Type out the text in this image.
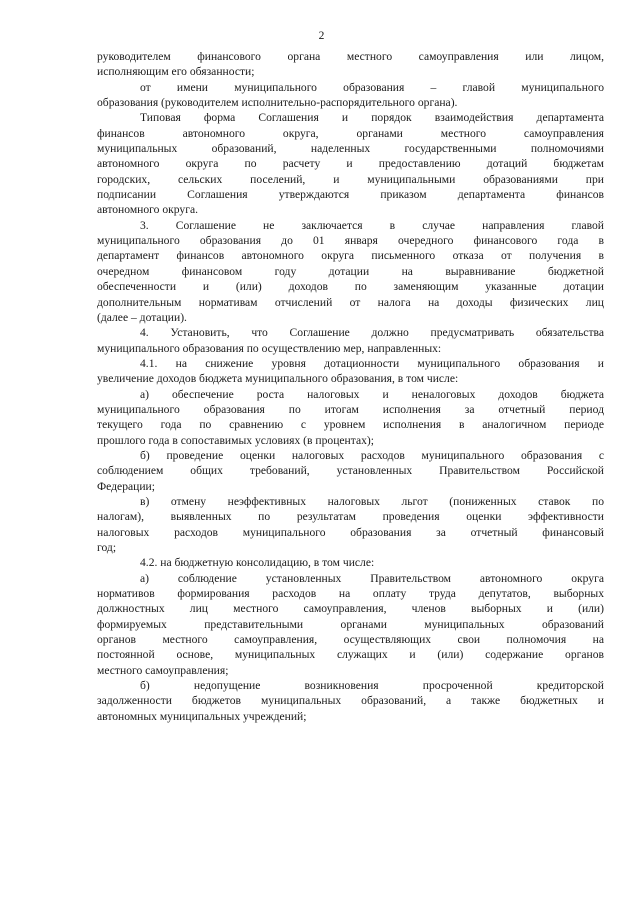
2
руководителем финансового органа местного самоуправления или лицом,
исполняющим его обязанности;
от имени муниципального образования – главой муниципального
образования (руководителем исполнительно-распорядительного органа).
Типовая форма Соглашения и порядок взаимодействия департамента
финансов автономного округа, органами местного самоуправления
муниципальных образований, наделенных государственными полномочиями
автономного округа по расчету и предоставлению дотаций бюджетам
городских, сельских поселений, и муниципальными образованиями при
подписании Соглашения утверждаются приказом департамента финансов
автономного округа.
3. Соглашение не заключается в случае направления главой
муниципального образования до 01 января очередного финансового года в
департамент финансов автономного округа письменного отказа от получения в
очередном финансовом году дотации на выравнивание бюджетной
обеспеченности и (или) доходов по заменяющим указанные дотации
дополнительным нормативам отчислений от налога на доходы физических лиц
(далее – дотации).
4. Установить, что Соглашение должно предусматривать обязательства
муниципального образования по осуществлению мер, направленных:
4.1. на снижение уровня дотационности муниципального образования и
увеличение доходов бюджета муниципального образования, в том числе:
а) обеспечение роста налоговых и неналоговых доходов бюджета
муниципального образования по итогам исполнения за отчетный период
текущего года по сравнению с уровнем исполнения в аналогичном периоде
прошлого года в сопоставимых условиях (в процентах);
б) проведение оценки налоговых расходов муниципального образования с
соблюдением общих требований, установленных Правительством Российской
Федерации;
в) отмену неэффективных налоговых льгот (пониженных ставок по
налогам), выявленных по результатам проведения оценки эффективности
налоговых расходов муниципального образования за отчетный финансовый
год;
4.2. на бюджетную консолидацию, в том числе:
а) соблюдение установленных Правительством автономного округа
нормативов формирования расходов на оплату труда депутатов, выборных
должностных лиц местного самоуправления, членов выборных и (или)
формируемых представительными органами муниципальных образований
органов местного самоуправления, осуществляющих свои полномочия на
постоянной основе, муниципальных служащих и (или) содержание органов
местного самоуправления;
б) недопущение возникновения просроченной кредиторской
задолженности бюджетов муниципальных образований, а также бюджетных и
автономных муниципальных учреждений;
